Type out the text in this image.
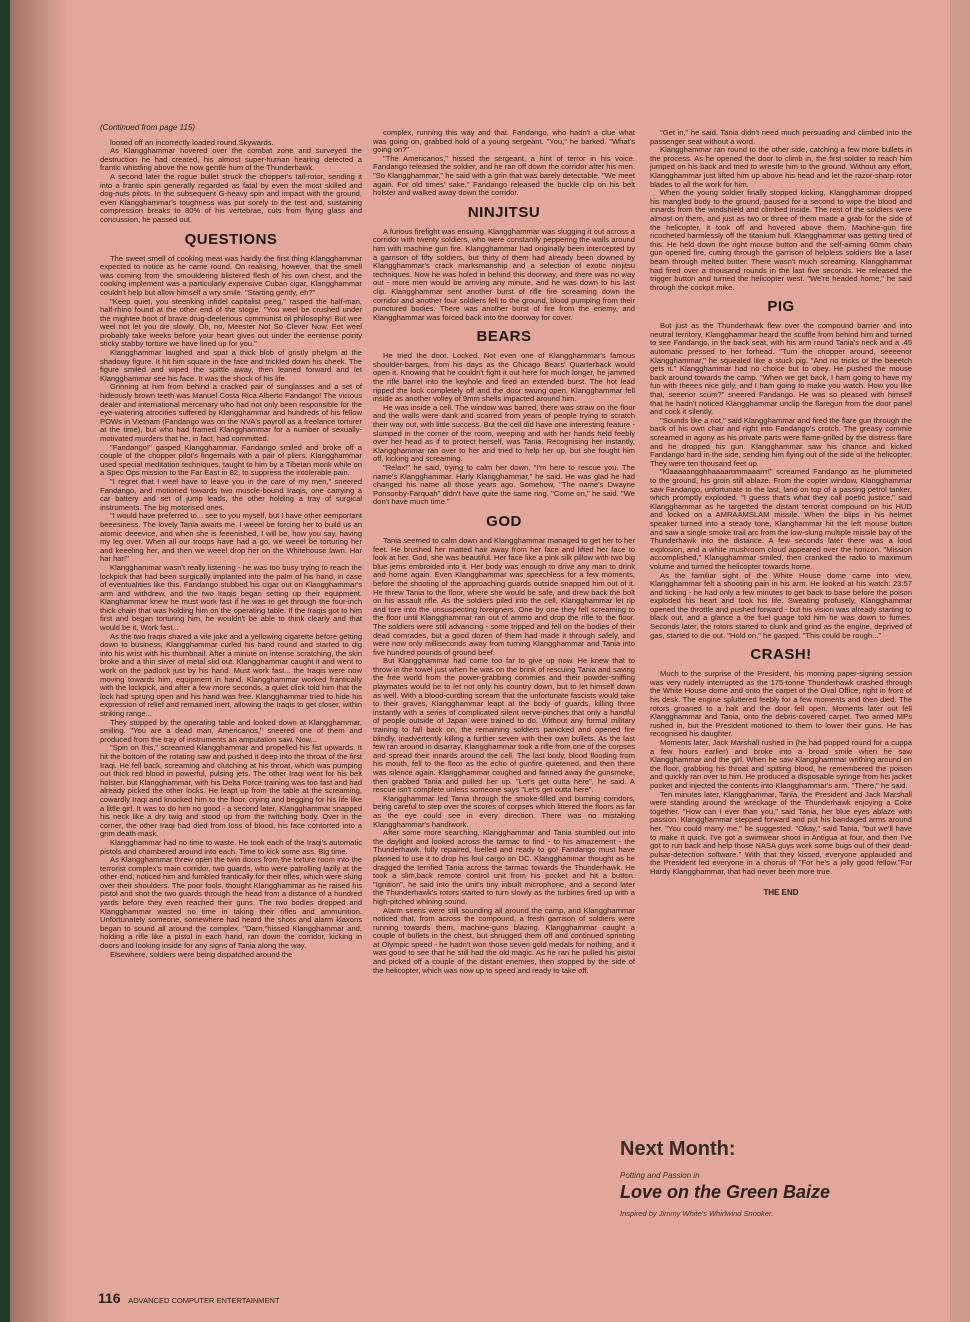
(Continued from page 115)

loosed off an incorrectly loaded round.Skywards.

As Klangghammar hovered over the combat zone and surveyed the destruction he had created, his almost super-human hearing detected a frantic whistling above the now gentle hum of the Thunderhawk.

A second later the rogue bullet struck the chopper's tail-rotor, sending it into a frantic spin generally regarded as fatal by even the most skilled and dog-nuts pilots. In the subsequent G-heavy spin and impact with the ground, even Klangghammar's toughness was put sorely to the test and, sustaining compression breaks to 80% of his vertebrae, cuts from flying glass and concussion, he passed out.

QUESTIONS

The sweet smell of cooking meat was hardly the first thing Klangghammar expected to notice as he came round. On realising, however, that the smell was coming from the smouldering blistered flesh of his own chest, and the cooking implement was a particularly expensive Cuban cigar, Klangghammar couldn't help but allow himself a wry smile. "Starting gently, eh?"

"Keep quiet, you steenking infidel capitalist peeg," rasped the half-man, half-rhino found at the other end of the stogie. "You weel be crushed under the mightee boot of brave drug-deelerious communist oil philosophy! But wee weel not let you die slowly. Oh, no, Meester Not So Clever Now. Eet weel probably take weeks before your heart gives out under the eentense pointy sticky stabby torture we have lined up for you."

Klangghammar laughed and spat a thick blob of gristly phelgm at the shadowy figure. It hit him square in the face and trickled down his cheek. The figure smiled and wiped the spittle away, then leaned forward and let Klangghammar see his face. It was the shock of his life.

Grinning at him from behind a cracked pair of sunglasses and a set of hideously brown teeth was Manuel Costa Rica Alberto Fandango! The vicious dealer and international mercenary who had not only been responsible for the eye-watering atrocities suffered by Klangghammar and hundreds of his fellow POWs in Vietnam (Fandango was on the NVA's payroll as a freelance torturer at the time), but who had framed Klangghammar for a number of sexually-motivated murders that he, in fact, had committed.

"Fandango!" gasped Klangghammar. Fandango smiled and broke off a couple of the chopper pilot's fingernails with a pair of pliers. Klangghammar used special meditation techniques, taught to him by a Tibetan monk while on a Spec Ops mission to the Far East in 82, to suppress the intolerable pain.

"I regret that I weel have to leave you in the care of my men," sneered Fandango, and motioned towards two muscle-bound Iraqis, one carrying a car battery and set of jump leads, the other holding a tray of surgical instruments. The big motorised ones.

"I would have preferred to... see to you myself, but I have other eemportant beeesiness. The lovely Tania awaits me. I weeel be forcing her to build us an atomic deeevice, and when she is feeenished, I will be, how you say, having my leg over. When all our troops have had a go, we weeel be torturing her and keeeling her, and then we weeel drop her on the Whitehouse lawn. Har har har!"

Klangghammar wasn't really listening - he was too busy trying to reach the lockpick that had been surgically implanted into the palm of his hand, in case of eventualities like this. Fandango stubbed his cigar out on Klangghammar's arm and withdrew, and the two Iraqis began setting up their equipment. Klanghammar knew he must work fast if he was to get through the four-inch thick chain that was holding him on the operating table. If the Iraqis got to him first and began torturing him, he wouldn't be able to think clearly and that would be it. Work fast...

As the two Iraqis shared a vile joke and a yellowing cigarette before getting down to business, Klangghammar curled his hand round and started to dig into his wrist with his thumbnail. After a minute on intense scratching, the skin broke and a thin sliver of metal slid out. Klangghammar caught it and went to work on the padlock just by his hand. Must work fast... the Iraqis were now moving towards him, equipment in hand. Klangghammar worked frantically with the lockpick, and after a few more seconds, a quiet click told him that the lock had sprung open and his hand was free. Klangghammar tried to hide his expression of relief and remained inert, allowing the Iraqis to get closer, within striking range...

They stopped by the operating table and looked down at Klangghammar, smiling. "You are a dead man, Americanos," sneered one of them and produced from the tray of instruments an amputation saw. Now...

"Spin on this," screamed Klangghammar and propelled his fist upwards. It hit the bottom of the rotating saw and pushed it deep into the throat of the first Iraqi. He fell back, screaming and clutching at his throat, which was pumping out thick red blood in powerful, pulsing jets. The other Iraqi went for his belt holster, but Klangghammar, with his Delta Force training was too fast and had already picked the other locks. He leapt up from the table at the screaming, cowardly Iraqi and knocked him to the floor, crying and begging for his life like a little girl. It was to do him no good - a second later, Klangghammar snapped his neck like a dry twig and stood up from the twitching body. Over in the corner, the other Iraqi had died from loss of blood, his face contorted into a grim death mask.

Klangghammar had no time to waste. He took each of the Iraqi's automatic pistols and chambered around into each. Time to kick some ass. Big time.

As Klangghammar threw open the twin doors from the torture room into the terrorist complex's main corridor, two guards, who were patrolling lazily at the other end, noticed him and fumbled frantically for their rifles, which were slung over their shoulders. The poor fools, thought Klangghammar as he raised his pistol and shot the two guards through the head from a distance of a hundred yards before they even reached their guns. The two bodies dropped and Klangghammar wasted no time in taking their rifles and ammunition. Unfortunately someone, somewhere had heard the shots and alarm klaxons began to sound all around the complex. "Darn,"hissed Klangghammar and, holding a rifle like a pistol in each hand, ran down the corridor, kicking in doors and looking inside for any signs of Tania along the way.

Elsewhere, soldiers were being dispatched around the

complex, running this way and that. Fandango, who hadn't a clue what was going on, grabbed hold of a young sergeant. "You," he barked. "What's going on?"

"The Americanos," hissed the sergeant, a hint of terror in his voice. Fandango released the soldier, and he ran off down the corridor after his men. "So Klangghammar," he said with a grin that was barely detectable. "We meet again. For old times' sake." Fandango released the buckle clip on his belt holster and walked away down the corridor.

NINJITSU

A furious firefight was ensuing. Klangghammar was slugging it out across a corridor with twenty soldiers, who were constantly peppering the walls around him with machine gun fire. Klangghammar had originally been intercepted by a garrison of fifty soldiers, but thirty of them had already been downed by Klangghammar's crack marksmanship and a selection of exotic ninjitsu techniques. Now he was holed in behind this doorway, and there was no way out - more men would be arriving any minute, and he was down to his last clip. Klangghammar sent another burst of rifle fire screaming down the corridor and another four soldiers fell to the ground, blood pumping from their punctured bodies. There was another burst of fire from the enemy, and Klangghammar was forced back into the doorway for cover.

BEARS

He tried the door. Locked. Not even one of Klangghammar's famous shoulder-barges, from his days as the Chicago Bears' Quarterback would open it. Knowing that he couldn't fight it out here for much longer, he jammed the rifle barrel into the keyhole and fired an extended burst. The hot lead ripped the lock completely off and the door swung open. Klangghammar fell inside as another volley of 9mm shells impacted around him.

He was inside a cell. The window was barred, there was straw on the floor and the walls were dank and scarred from years of people trying to scratch their way out, with little success. But the cell did have one interesting feature - slumped in the corner of the room, weeping and with her hands held feebly over her head as if to protect herself, was Tania. Recognising her instantly, Klangghammar ran over to her and tried to help her up, but she fought him off, kicking and screaming.

"Relax!" he said, trying to calm her down. "I'm here to rescue you. The name's Klangghammar. Harly Klangghammar," he said. He was glad he had changed his name all those years ago. Somehow, "The name's Dwayne Ponsonby-Farquah" didn't have quite the same ring. "Come on," he said. "We don't have much time."

GOD

Tania seemed to calm down and Klangghammar managed to get her to her feet. He brushed her matted hair away from her face and lifted her face to look at her. God, she was beautiful. Her face like a pink silk pillow with two big blue jems embroided into it. Her body was enough to drive any man to drink and home again. Even Klangghammar was speechless for a few moments, before the shooting of the approaching guards outside snapped him out of it. He threw Tania to the floor, where she would be safe, and drew back the bolt on his assault rifle. As the soldiers piled into the cell, Klangghammar let rip and tore into the unsuspecting foreigners. One by one they fell screaming to the floor until Klangghammar ran out of ammo and drop the rifle to the floor. The soldiers were still advancing - some tripped and fell on the bodies of their dead comrades, but a good dozen of them had made it through safely, and were now only milliseconds away from turning Klangghammar and Tania into five hundred pounds of ground beef.

But Klangghammar had come too far to give up now. He knew that to throw in the towel just when he was on the brink of rescuing Tania and saving the free world from the power-grabbing commies and their powder-sniffing playmates would be to let not only his country down, but to let himself down as well. With a blood-curdling scream that the unfortunate fascists would take to their graves, Klangghammar leapt at the body of guards, killing three instantly with a series of complicated silent nerve-pinches that only a handful of people outside of Japan were trained to do. Without any formal military training to fall back on, the remaining soldiers panicked and opened fire blindly, inadvertently killing a further seven with their own bullets. As the last few ran around in disarray, Klangghammar took a rifle from one of the corpses and spread their innards around the cell. The last body, blood flooding from his mouth, fell to the floor as the echo of gunfire quietened, and then there was silence again. Klangghammar coughed and fanned away the gunsmoke, then grabbed Tania and pulled her up. "Let's get outta here", he said. A rescue isn't complete unless someone says "Let's get outta here".

Klangghammar led Tania through the smoke-filled and burning corridors, being careful to step over the scores of corpses which littered the floors as far as the eye could see in every direction. There was no mistaking Klangghammar's handiwork.

After some more searching, Klangghammar and Tania stumbled out into the daylight and looked across the tarmac to find - to his amazement - the Thunderhawk, fully repaired, fuelled and ready to go! Fandango must have planned to use it to drop his foul cargo on DC. Klangghammar thought as he dragged the terrified Tania across the tarmac towards the Thunderhawk. He took a slim,back remote control unit from his pocket and hit a button. "Ignition", he said into the unit's tiny inbuilt microphone, and a second later the Thunderhawk's rotors started to turn slowly as the turbines fired up with a high-pitched whining sound.

Alarm sirens were still sounding all around the camp, and Klangghammar noticed that, from across the compound, a fresh garrison of soldiers were running towards them, machine-guns blazing. Klangghammar caught a couple of bullets in the chest, but shrugged them off and continued sprinting at Olympic speed - he hadn't won those seven gold medals for nothing, and it was good to see that he still had the old magic. As he ran he pulled his pistol and picked off a couple of the distant enemies, then stopped by the side of the helicopter, which was now up to speed and ready to take off.

"Get in," he said. Tania didn't need much persuading and climbed into the passenger seat without a word.

Klangghammar ran round to the other side, catching a few more bullets in the process. As he opened the door to climb in, the first soldier to reach him jumped on his back and tried to wrestle him to the ground. Without any effort, Klangghammar just lifted him up above his head and let the razor-sharp rotor blades to all the work for him.

When the young soldier finally stopped kicking, Klangghammar dropped his mangled body to the ground, paused for a second to wipe the blood and innards from the windshield and climbed inside. The rest of the soldiers were almost on them, and just as two or three of them made a grab for the side of the helicopter, it took off and hovered above them. Machine-gun fire ricocheted harmlessly off the titanium hull. Klangghammar was getting tired of this. He held down the right mouse button and the self-aiming 60mm chain gun opened fire, cutting through the garrison of helpless soldiers like a laser beam through melted butter. There wasn't much screaming. Klangghammar had fired over a thousand rounds in the last five seconds. He released the trigger button and turned the helicopter west. "We're headed home," he said through the cockpit mike.

PIG

But just as the Thunderhawk flew over the compound barrier and into neutral territory, Klangghammar heard the scuffle from behind him and turned to see Fandango, in the back seat, with his arm round Tania's neck and a .45 automatic pressed to her forhead. "Turn the chopper around, seeeenor Klangghammar," he squealed like a stuck pig. "And no tricks or the beeetch gets it." Klangghammar had no choice but to obey. He pushed the mouse back around towards the camp. "When we get back, I ham going to have my fun with theees nice girly, and I ham going to make you watch. How you like that, seeenor scum?" sneered Fandango. He was so pleased with himself that he hadn't noticed Klangghammar unclip the flaregun from the door panel and cock it silently.

"Sounds like a riot," said Klangghammar and fired the flare gun through the back of his own chair and right into Fandango's crotch. The greasy commie screamed in agony as his private parts were flame-grilled by the distress flare and he dropped his gun. Klangghammar saw his chance and kicked Fandango hard in the side, sending him flying out of the side of the helicopter. They were ten thousand feet up.

"Klaaaaangghhaaaammmaaarrr!" screamed Fandango as he plummeted to the ground, his groin still ablaze. From the copter window, Klangghammar saw Fandango, unfortunate to the last, land on top of a passing petrol tanker, which promptly exploded. "I guess that's what they call poetic justice," said Klangghammar as he targetted the distant terrorist compound on his HUD and locked on a AMRAAMSLAM missile. When the blips in his helmet speaker turned into a steady tone, Klanghammar hit the left mouse button and saw a single smoke trail arc from the low-slung multiple missile bay of the Thunderhawk into the distance. A few seconds later there was a loud explosion, and a white mushroom cloud appeared over the horizon. "Mission accomplished," Klangghammar smiled, then cranked the radio to maximum volume and turned the helicopter towards home.

As the familiar sight of the White House dome came into view, Klangghammar felt a shooting pain in his arm. He looked at his watch: 23:57 and ticking - he had only a few minutes to get back to base before the poison exploded his heart and took his life. Sweating profusely, Klangghammar opened the throttle and pushed forward - but his vision was already starting to black out, and a glance a the fuel guage told him he was down to fumes. Seconds later, the rotors started to clunk and grind as the engine, deprived of gas, started to die out. "Hold on," he gasped. "This could be rough..."

CRASH!

Much to the surprise of the President, his morning paper-signing session was very rudely interrupted as the 175-tonne Thunderhawk crashed through the White House dome and onto the carpet of the Oval Office, right in front of his desk. The engine spluttered feebly for a few moments and then died. The rotors groaned to a halt and the door fell open. Moments later out fell Klangghammar and Tania, onto the debris-covered carpet. Two armed MPs rushed in, but the President motioned to them to lower their guns. He has recognised his daughter.

Moments later, Jack Marshall rushed in (he had popped round for a cuppa a few hours earlier) and broke into a broad smile when he saw Klangghammar and the girl. When he saw Klangghammar writhing around on the floor, grabbing his throat and spitting blood, he remembered the poison and quickly ran over to him. He produced a disposable syringe from his jacket pocket and injected the contents into Klangghammar's arm. "There," he said.

Ten minutes later, Klangghammar, Tania, the President and Jack Marshall were standing around the wreckage of the Thunderhawk enjoying a Coke together. "How can I ever than you," said Tania, her blue eyes ablaze with passion. Klangghammar stepped forward and put his bandaged arms around her. "You could marry me," he suggested. "Okay," said Tania, "but we'll have to make it quick. I've got a swimwear shoot in Antigua at four, and then I've got to run back and help those NASA guys work some bugs out of their dead-pulsar-detection software." With that they kissed, everyone applauded and the President led everyone in a chorus of "For he's a jolly good fellow."For Hardy Klangghammar, that had never been more true.

THE END
Next Month:
Potting and Passion in
Love on the Green Baize
Inspired by Jimmy White's Whirlwind Snooker.
116 ADVANCED COMPUTER ENTERTAINMENT
